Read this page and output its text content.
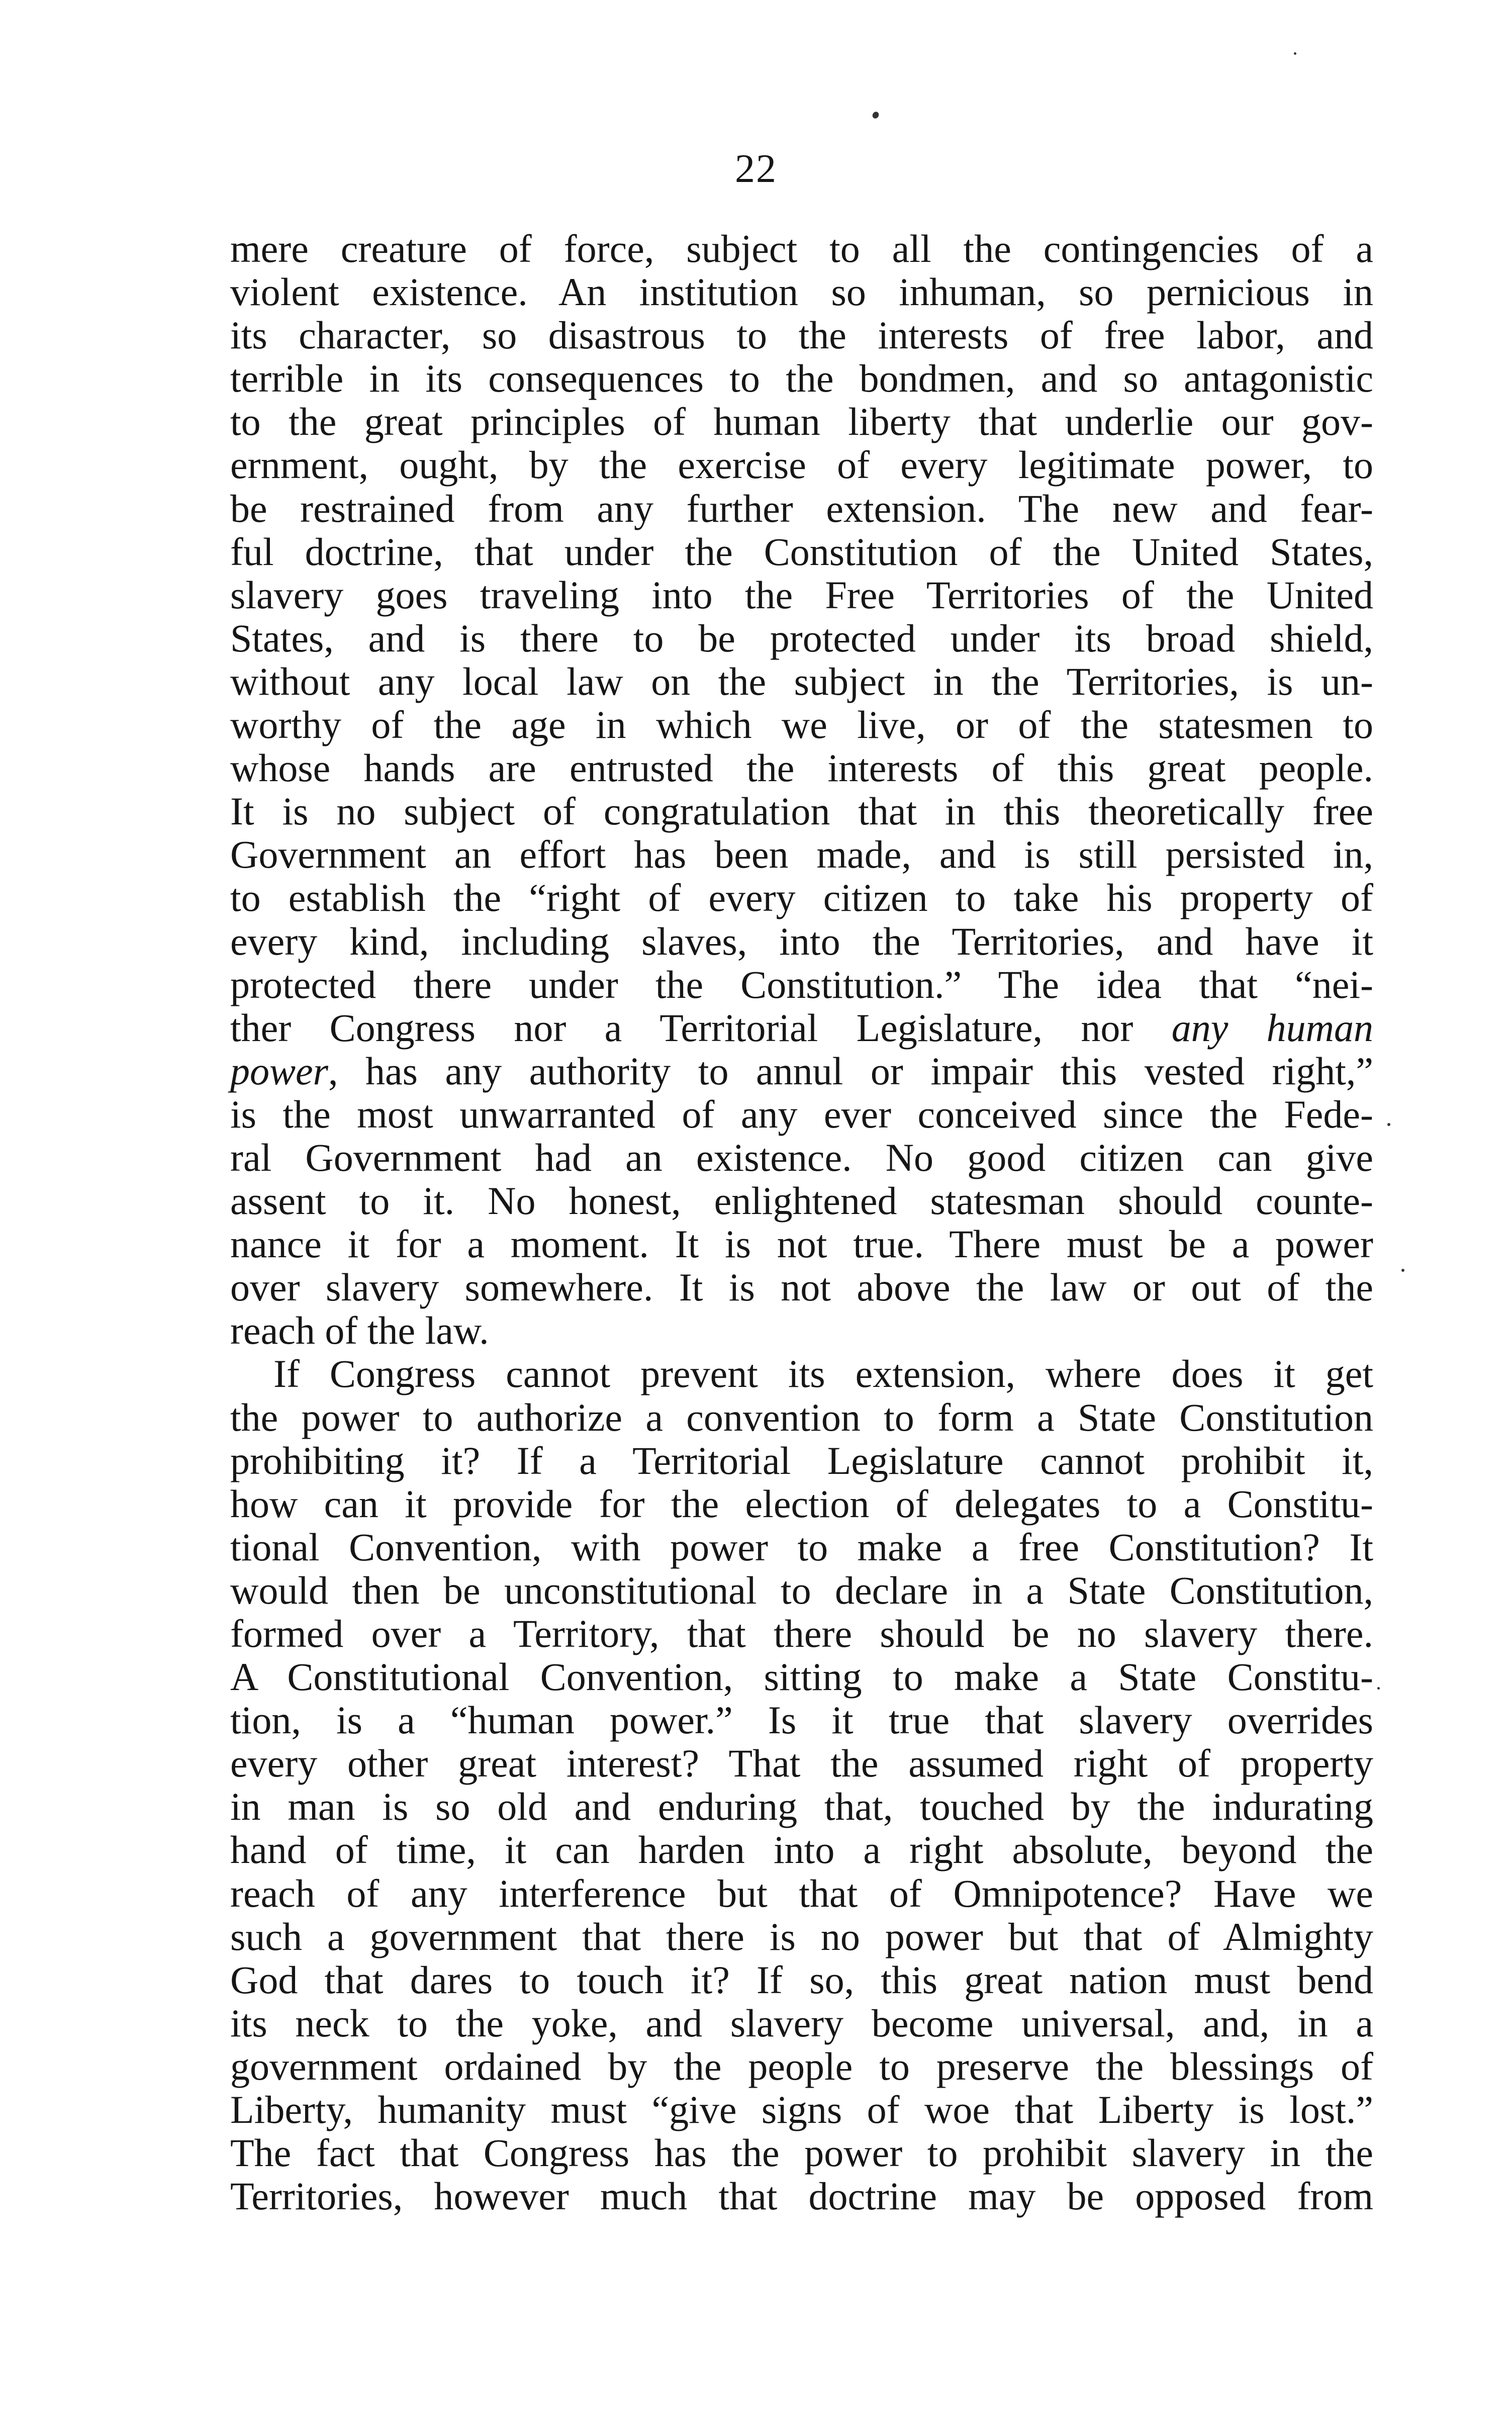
22
mere creature of force, subject to all the contingencies of a
violent existence. An institution so inhuman, so pernicious in
its character, so disastrous to the interests of free labor, and
terrible in its consequences to the bondmen, and so antagonistic
to the great principles of human liberty that underlie our gov-
ernment, ought, by the exercise of every legitimate power, to
be restrained from any further extension. The new and fear-
ful doctrine, that under the Constitution of the United States,
slavery goes traveling into the Free Territories of the United
States, and is there to be protected under its broad shield,
without any local law on the subject in the Territories, is un-
worthy of the age in which we live, or of the statesmen to
whose hands are entrusted the interests of this great people.
It is no subject of congratulation that in this theoretically free
Government an effort has been made, and is still persisted in,
to establish the “right of every citizen to take his property of
every kind, including slaves, into the Territories, and have it
protected there under the Constitution.” The idea that “nei-
ther Congress nor a Territorial Legislature, nor any human
power, has any authority to annul or impair this vested right,”
is the most unwarranted of any ever conceived since the Fede-
ral Government had an existence. No good citizen can give
assent to it. No honest, enlightened statesman should counte-
nance it for a moment. It is not true. There must be a power
over slavery somewhere. It is not above the law or out of the
reach of the law.
If Congress cannot prevent its extension, where does it get
the power to authorize a convention to form a State Constitution
prohibiting it? If a Territorial Legislature cannot prohibit it,
how can it provide for the election of delegates to a Constitu-
tional Convention, with power to make a free Constitution? It
would then be unconstitutional to declare in a State Constitution,
formed over a Territory, that there should be no slavery there.
A Constitutional Convention, sitting to make a State Constitu-
tion, is a “human power.” Is it true that slavery overrides
every other great interest? That the assumed right of property
in man is so old and enduring that, touched by the indurating
hand of time, it can harden into a right absolute, beyond the
reach of any interference but that of Omnipotence? Have we
such a government that there is no power but that of Almighty
God that dares to touch it? If so, this great nation must bend
its neck to the yoke, and slavery become universal, and, in a
government ordained by the people to preserve the blessings of
Liberty, humanity must “give signs of woe that Liberty is lost.”
The fact that Congress has the power to prohibit slavery in the
Territories, however much that doctrine may be opposed from
